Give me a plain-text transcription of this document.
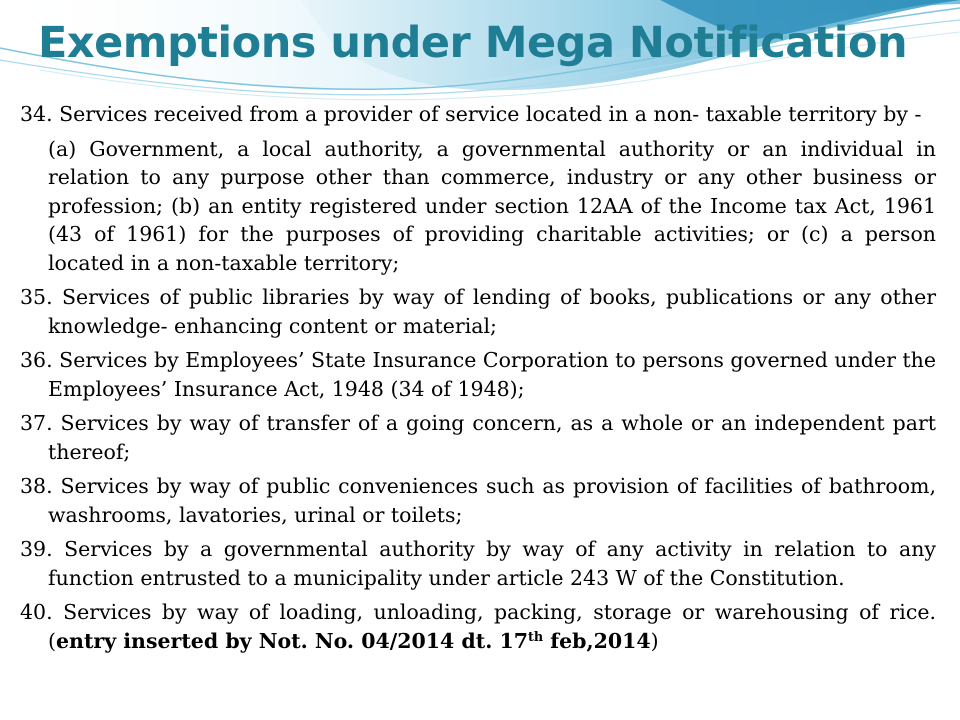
Exemptions under Mega Notification

34. Services received from a provider of service located in a non- taxable territory by -

(a) Government, a local authority, a governmental authority or an individual in relation to any purpose other than commerce, industry or any other business or profession; (b) an entity registered under section 12AA of the Income tax Act, 1961 (43 of 1961) for the purposes of providing charitable activities; or (c) a person located in a non-taxable territory;

35. Services of public libraries by way of lending of books, publications or any other knowledge- enhancing content or material;

36. Services by Employees’ State Insurance Corporation to persons governed under the Employees’ Insurance Act, 1948 (34 of 1948);

37. Services by way of transfer of a going concern, as a whole or an independent part thereof;

38. Services by way of public conveniences such as provision of facilities of bathroom, washrooms, lavatories, urinal or toilets;

39. Services by a governmental authority by way of any activity in relation to any function entrusted to a municipality under article 243 W of the Constitution.

40. Services by way of loading, unloading, packing, storage or warehousing of rice. (entry inserted by Not. No. 04/2014 dt. 17th feb,2014)
